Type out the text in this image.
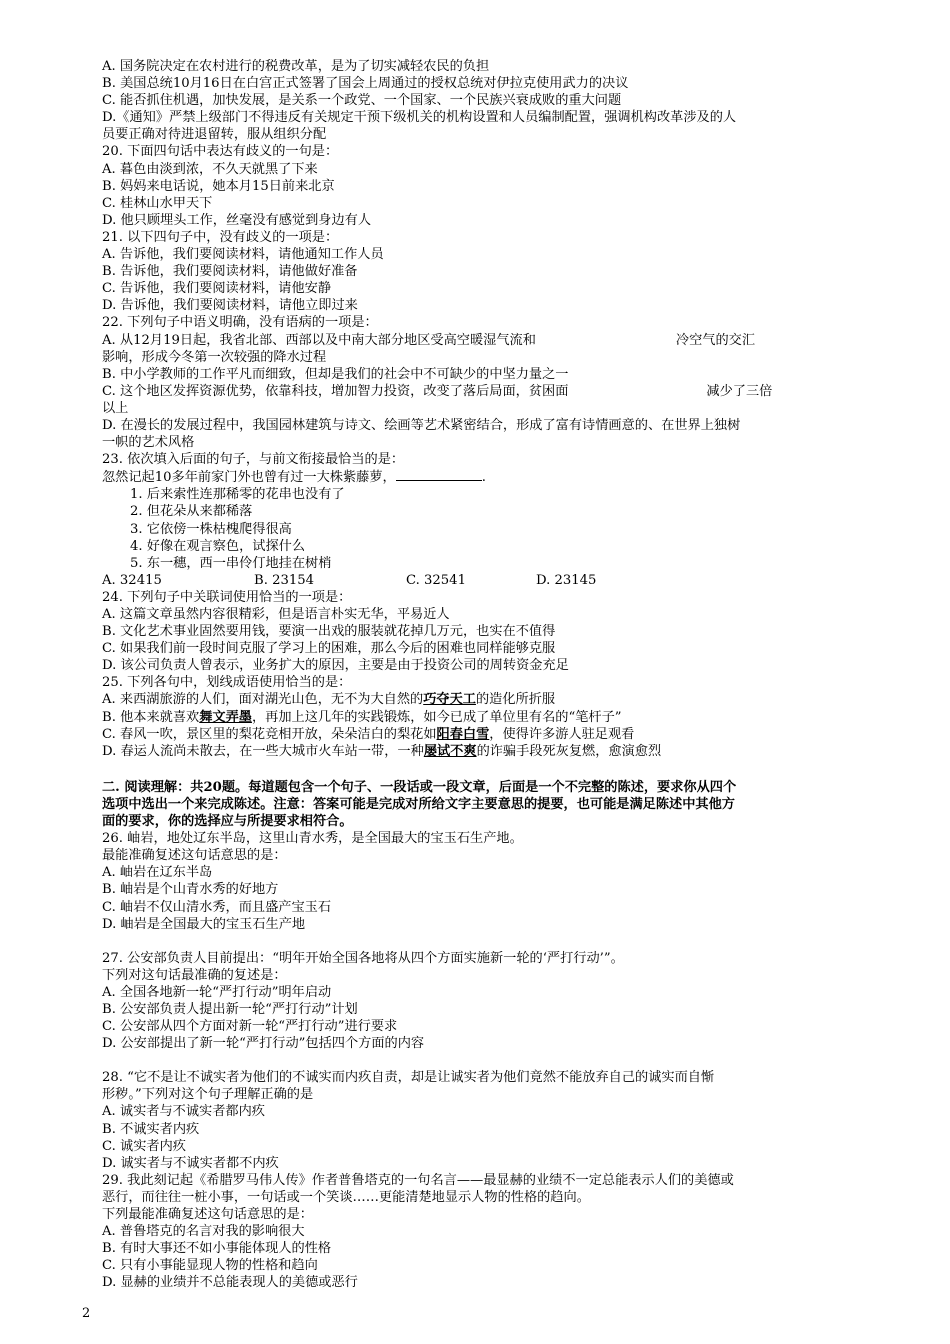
A. 国务院决定在农村进行的税费改革，是为了切实减轻农民的负担

B. 美国总统10月16日在白宫正式签署了国会上周通过的授权总统对伊拉克使用武力的决议

C. 能否抓住机遇，加快发展，是关系一个政党、一个国家、一个民族兴衰成败的重大问题

D.《通知》严禁上级部门不得违反有关规定干预下级机关的机构设置和人员编制配置，强调机构改革涉及的人

员要正确对待进退留转，服从组织分配

20. 下面四句话中表达有歧义的一句是：

A. 暮色由淡到浓，不久天就黑了下来

B. 妈妈来电话说，她本月15日前来北京

C. 桂林山水甲天下

D. 他只顾埋头工作，丝毫没有感觉到身边有人

21. 以下四句子中，没有歧义的一项是：

A. 告诉他，我们要阅读材料，请他通知工作人员

B. 告诉他，我们要阅读材料，请他做好准备

C. 告诉他，我们要阅读材料，请他安静

D. 告诉他，我们要阅读材料，请他立即过来

22. 下列句子中语义明确，没有语病的一项是：

A. 从12月19日起，我省北部、西部以及中南大部分地区受高空暖湿气流和	冷空气的交汇

影响，形成今冬第一次较强的降水过程

B. 中小学教师的工作平凡而细致，但却是我们的社会中不可缺少的中坚力量之一

C. 这个地区发挥资源优势，依靠科技，增加智力投资，改变了落后局面，贫困面	减少了三倍

以上

D. 在漫长的发展过程中，我国园林建筑与诗文、绘画等艺术紧密结合，形成了富有诗情画意的、在世界上独树

一帜的艺术风格

23. 依次填入后面的句子，与前文衔接最恰当的是：

忽然记起10多年前家门外也曾有过一大株紫藤萝，	.

1. 后来索性连那稀零的花串也没有了

2. 但花朵从来都稀落

3. 它依傍一株枯槐爬得很高

4. 好像在观言察色，试探什么

5. 东一穗，西一串伶仃地挂在树梢

A. 32415	B. 23154	C. 32541	D. 23145

24. 下列句子中关联词使用恰当的一项是：

A. 这篇文章虽然内容很精彩，但是语言朴实无华，平易近人

B. 文化艺术事业固然要用钱，要演一出戏的服装就花掉几万元，也实在不值得

C. 如果我们前一段时间克服了学习上的困难，那么今后的困难也同样能够克服

D. 该公司负责人曾表示，业务扩大的原因，主要是由于投资公司的周转资金充足

25. 下列各句中，划线成语使用恰当的是：

A. 来西湖旅游的人们，面对湖光山色，无不为大自然的巧夺天工的造化所折服

B. 他本来就喜欢舞文弄墨，再加上这几年的实践锻炼，如今已成了单位里有名的“笔杆子”

C. 春风一吹，景区里的梨花竞相开放，朵朵洁白的梨花如阳春白雪，使得许多游人驻足观看

D. 春运人流尚未散去，在一些大城市火车站一带，一种屡试不爽的诈骗手段死灰复燃，愈演愈烈

二. 阅读理解：共20题。每道题包含一个句子、一段话或一段文章，后面是一个不完整的陈述，要求你从四个

选项中选出一个来完成陈述。注意：答案可能是完成对所给文字主要意思的提要，也可能是满足陈述中其他方

面的要求，你的选择应与所提要求相符合。

26. 岫岩，地处辽东半岛，这里山青水秀，是全国最大的宝玉石生产地。

最能准确复述这句话意思的是：

A. 岫岩在辽东半岛

B. 岫岩是个山青水秀的好地方

C. 岫岩不仅山清水秀，而且盛产宝玉石

D. 岫岩是全国最大的宝玉石生产地

27. 公安部负责人目前提出：“明年开始全国各地将从四个方面实施新一轮的‘严打行动’”。

下列对这句话最准确的复述是：

A. 全国各地新一轮“严打行动”明年启动

B. 公安部负责人提出新一轮“严打行动”计划

C. 公安部从四个方面对新一轮“严打行动”进行要求

D. 公安部提出了新一轮“严打行动”包括四个方面的内容

28. “它不是让不诚实者为他们的不诚实而内疚自责，却是让诚实者为他们竟然不能放弃自己的诚实而自惭

形秽。”下列对这个句子理解正确的是

A. 诚实者与不诚实者都内疚

B. 不诚实者内疚

C. 诚实者内疚

D. 诚实者与不诚实者都不内疚

29. 我此刻记起《希腊罗马伟人传》作者普鲁塔克的一句名言——最显赫的业绩不一定总能表示人们的美德或

恶行，而往往一桩小事，一句话或一个笑谈……更能清楚地显示人物的性格的趋向。

下列最能准确复述这句话意思的是：

A. 普鲁塔克的名言对我的影响很大

B. 有时大事还不如小事能体现人的性格

C. 只有小事能显现人物的性格和趋向

D. 显赫的业绩并不总能表现人的美德或恶行

2
